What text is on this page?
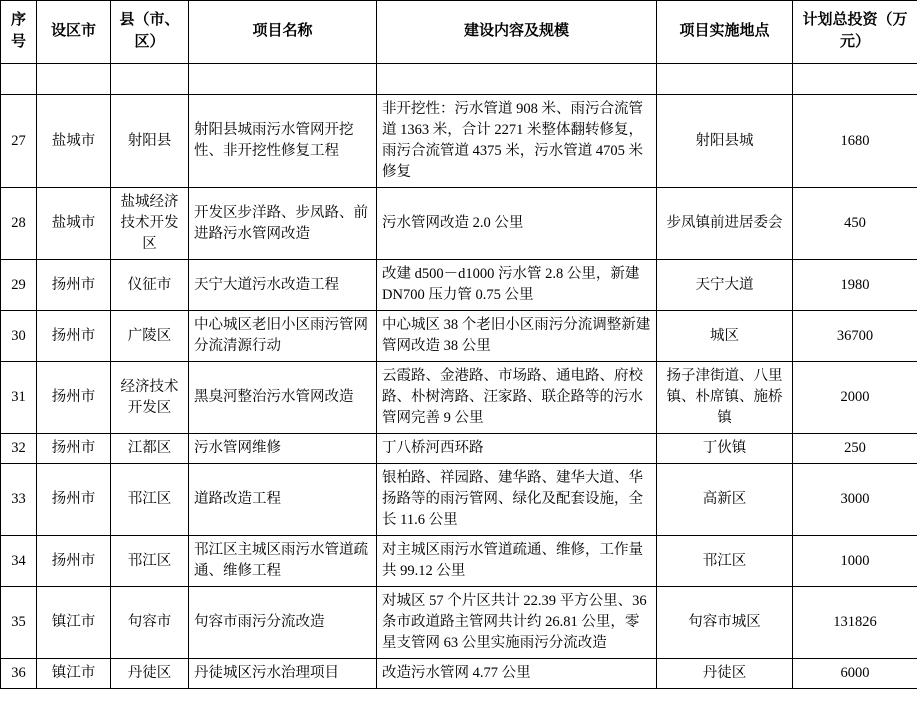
序号	设区市	县（市、区）	项目名称	建设内容及规模	项目实施地点	计划总投资（万元）

27	盐城市	射阳县	射阳县城雨污水管网开挖性、非开挖性修复工程	非开挖性：污水管道 908 米、雨污合流管道 1363 米，合计 2271 米整体翻转修复，雨污合流管道 4375 米，污水管道 4705 米修复	射阳县城	1680
28	盐城市	盐城经济技术开发区	开发区步洋路、步凤路、前进路污水管网改造	污水管网改造 2.0 公里	步凤镇前进居委会	450
29	扬州市	仪征市	天宁大道污水改造工程	改建 d500－d1000 污水管 2.8 公里，新建 DN700 压力管 0.75 公里	天宁大道	1980
30	扬州市	广陵区	中心城区老旧小区雨污管网分流清源行动	中心城区 38 个老旧小区雨污分流调整新建管网改造 38 公里	城区	36700
31	扬州市	经济技术开发区	黑臭河整治污水管网改造	云霞路、金港路、市场路、通电路、府校路、朴树湾路、汪家路、联企路等的污水管网完善 9 公里	扬子津街道、八里镇、朴席镇、施桥镇	2000
32	扬州市	江都区	污水管网维修	丁八桥河西环路	丁伙镇	250
33	扬州市	邗江区	道路改造工程	银柏路、祥园路、建华路、建华大道、华扬路等的雨污管网、绿化及配套设施，全长 11.6 公里	高新区	3000
34	扬州市	邗江区	邗江区主城区雨污水管道疏通、维修工程	对主城区雨污水管道疏通、维修，工作量共 99.12 公里	邗江区	1000
35	镇江市	句容市	句容市雨污分流改造	对城区 57 个片区共计 22.39 平方公里、36 条市政道路主管网共计约 26.81 公里，零星支管网 63 公里实施雨污分流改造	句容市城区	131826
36	镇江市	丹徒区	丹徒城区污水治理项目	改造污水管网 4.77 公里	丹徒区	6000
